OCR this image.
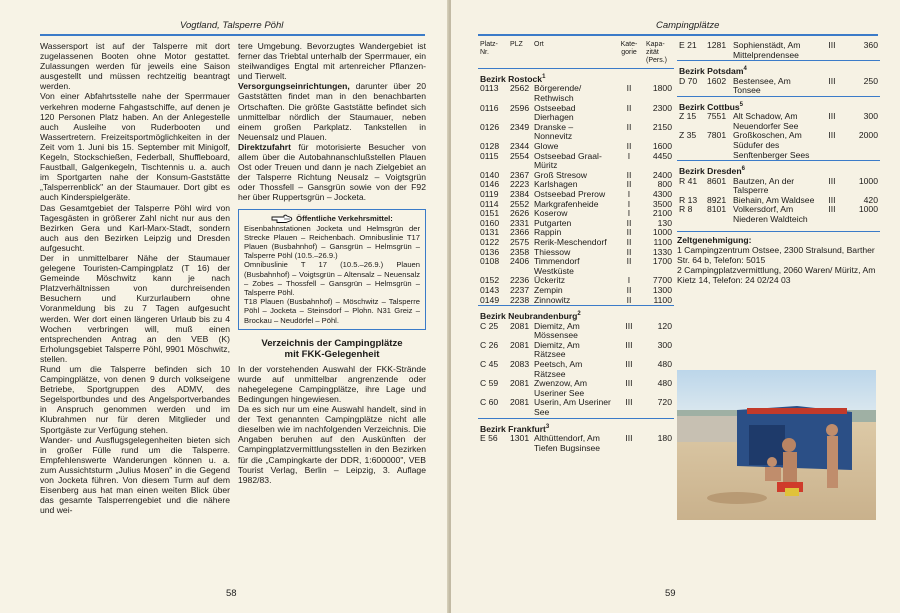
Vogtland, Talsperre Pöhl

Wassersport ist auf der Talsperre mit dort zugelassenen Booten ohne Motor gestattet. Zulassungen werden für jeweils eine Saison ausgestellt und müssen rechtzeitig beantragt werden.

Von einer Abfahrtsstelle nahe der Sperrmauer verkehren moderne Fahgastschiffe, auf denen je 120 Personen Platz haben. An der Anlegestelle auch Ausleihe von Ruderbooten und Wassertretern. Freizeitsportmöglichkeiten in der Zeit vom 1. Juni bis 15. September mit Minigolf, Kegeln, Stockschießen, Federball, Shuffleboard, Faustball, Galgenkegeln, Tischtennis u. a. auch im Sportgarten nahe der Konsum-Gaststätte „Talsperrenblick" an der Staumauer. Dort gibt es auch Kinderspielgeräte.

Das Gesamtgebiet der Talsperre Pöhl wird von Tagesgästen in größerer Zahl nicht nur aus den Bezirken Gera und Karl-Marx-Stadt, sondern auch aus den Bezirken Leipzig und Dresden aufgesucht.

Der in unmittelbarer Nähe der Staumauer gelegene Touristen-Campingplatz (T 16) der Gemeinde Möschwitz kann je nach Platzverhältnissen von durchreisenden Besuchern und Kurzurlaubern ohne Voranmeldung bis zu 7 Tagen aufgesucht werden. Wer dort einen längeren Urlaub bis zu 4 Wochen verbringen will, muß einen entsprechenden Antrag an den VEB (K) Erholungsgebiet Talsperre Pöhl, 9901 Möschwitz, stellen.

Rund um die Talsperre befinden sich 10 Campingplätze, von denen 9 durch volkseigene Betriebe, Sportgruppen des ADMV, des Segelsportbundes und des Angelsportverbandes in Anspruch genommen werden und im Klubrahmen nur für deren Mitglieder und Sportgäste zur Verfügung stehen.

Wander- und Ausflugsgelegenheiten bieten sich in großer Fülle rund um die Talsperre. Empfehlenswerte Wanderungen können u. a. zum Aussichtsturm „Julius Mosen" in die Gegend von Jocketa führen. Von diesem Turm auf dem Eisenberg aus hat man einen weiten Blick über das gesamte Talsperrengebiet und die nähere und wei-

tere Umgebung. Bevorzugtes Wandergebiet ist ferner das Triebtal unterhalb der Sperrmauer, ein steilwandiges Engtal mit artenreicher Pflanzen- und Tierwelt.

Versorgungseinrichtungen, darunter über 20 Gaststätten findet man in den benachbarten Ortschaften. Die größte Gaststätte befindet sich unmittelbar nördlich der Staumauer, neben einem großen Parkplatz. Tankstellen in Neuensalz und Plauen.

Direktzufahrt für motorisierte Besucher von allem über die Autobahnanschlußstellen Plauen Ost oder Treuen und dann je nach Zielgebiet an der Talsperre Richtung Neusalz – Voigtsgrün oder Thossfell – Gansgrün sowie von der F92 her über Ruppertsgrün – Jocketa.

Öffentliche Verkehrsmittel:
Eisenbahnstationen Jocketa und Helmsgrün der Strecke Plauen – Reichenbach. Omnibuslinie T17 Plauen (Busbahnhof) – Gansgrün – Helmsgrün – Talsperre Pöhl (10.5.–26.9.)
Omnibuslinie T 17 (10.5.–26.9.) Plauen (Busbahnhof) – Voigtsgrün – Altensalz – Neuensalz – Zobes – Thossfell – Gansgrün – Helmsgrün – Talsperre Pöhl.
T18 Plauen (Busbahnhof) – Möschwitz – Talsperre Pöhl – Jocketa – Steinsdorf – Plohn. N31 Greiz – Brockau – Neudörfel – Pöhl.
Verzeichnis der Campingplätze
mit FKK-Gelegenheit

In der vorstehenden Auswahl der FKK-Strände wurde auf unmittelbar angrenzende oder nahegelegene Campingplätze, ihre Lage und Bedingungen hingewiesen.

Da es sich nur um eine Auswahl handelt, sind in der Text genannten Campingplätze nicht alle dieselben wie im nachfolgenden Verzeichnis. Die Angaben beruhen auf den Auskünften der Campingplatzvermittlungsstellen in den Bezirken für die „Campingkarte der DDR, 1:600000", VEB Tourist Verlag, Berlin – Leipzig, 3. Auflage 1982/83.

58
Campingplätze
Platz-
Nr.	PLZ	Ort	Kate-
gorie	Kapa-
zität
(Pers.)
Bezirk Rostock$^1$
0113	2562	Börgerende/ Rethwisch	II	1800
0116	2596	Ostseebad Dierhagen	II	2300
0126	2349	Dranske – Nonnevitz	II	2150
0128	2344	Glowe	II	1600
0115	2554	Ostseebad Graal-Müritz	I	4450
0140	2367	Groß Stresow	II	2400
0146	2223	Karlshagen	II	800
0119	2384	Ostseebad Prerow	I	4300
0114	2552	Markgrafenheide	I	3500
0151	2626	Koserow	I	2100
0160	2331	Putgarten	II	130
0131	2366	Rappin	II	1000
0122	2575	Rerik-Meschendorf	II	1100
0136	2358	Thiessow	II	1330
0108	2406	Timmendorf Westküste	II	1700
0152	2236	Ückeritz	I	7700
0143	2237	Zempin	II	1300
0149	2238	Zinnowitz	II	1100
Bezirk Neubrandenburg$^2$
C 25	2081	Diemitz, Am Mössensee	III	120
C 26	2081	Diemitz, Am Rätzsee	III	300
C 45	2083	Peetsch, Am Rätzsee	III	480
C 59	2081	Zwenzow, Am Useriner See	III	480
C 60	2081	Userin, Am Useriner See	III	720
Bezirk Frankfurt$^3$
E 56	1301	Althüttendorf, Am Tiefen Bugsinsee	III	180
E 21	1281	Sophienstädt, Am Mittelprendensee	III	360
Bezirk Potsdam$^4$
D 70	1602	Bestensee, Am Tonsee	III	250
Bezirk Cottbus$^5$
Z 15	7551	Alt Schadow, Am Neuendorfer See	III	300
Z 35	7801	Großkoschen, Am Südufer des Senftenberger Sees	III	2000
Bezirk Dresden$^6$
R 41	8601	Bautzen, An der Talsperre	III	1000
R 13	8921	Biehain, Am Waldsee	III	420
R 8	8101	Volkersdorf, Am Niederen Waldteich	III	1000
Zeltgenehmigung:
1 Campingzentrum Ostsee, 2300 Stralsund, Barther Str. 64 b, Telefon: 5015
2 Campingplatzvermittlung, 2060 Waren/ Müritz, Am Kietz 14, Telefon: 24 02/24 03
59
